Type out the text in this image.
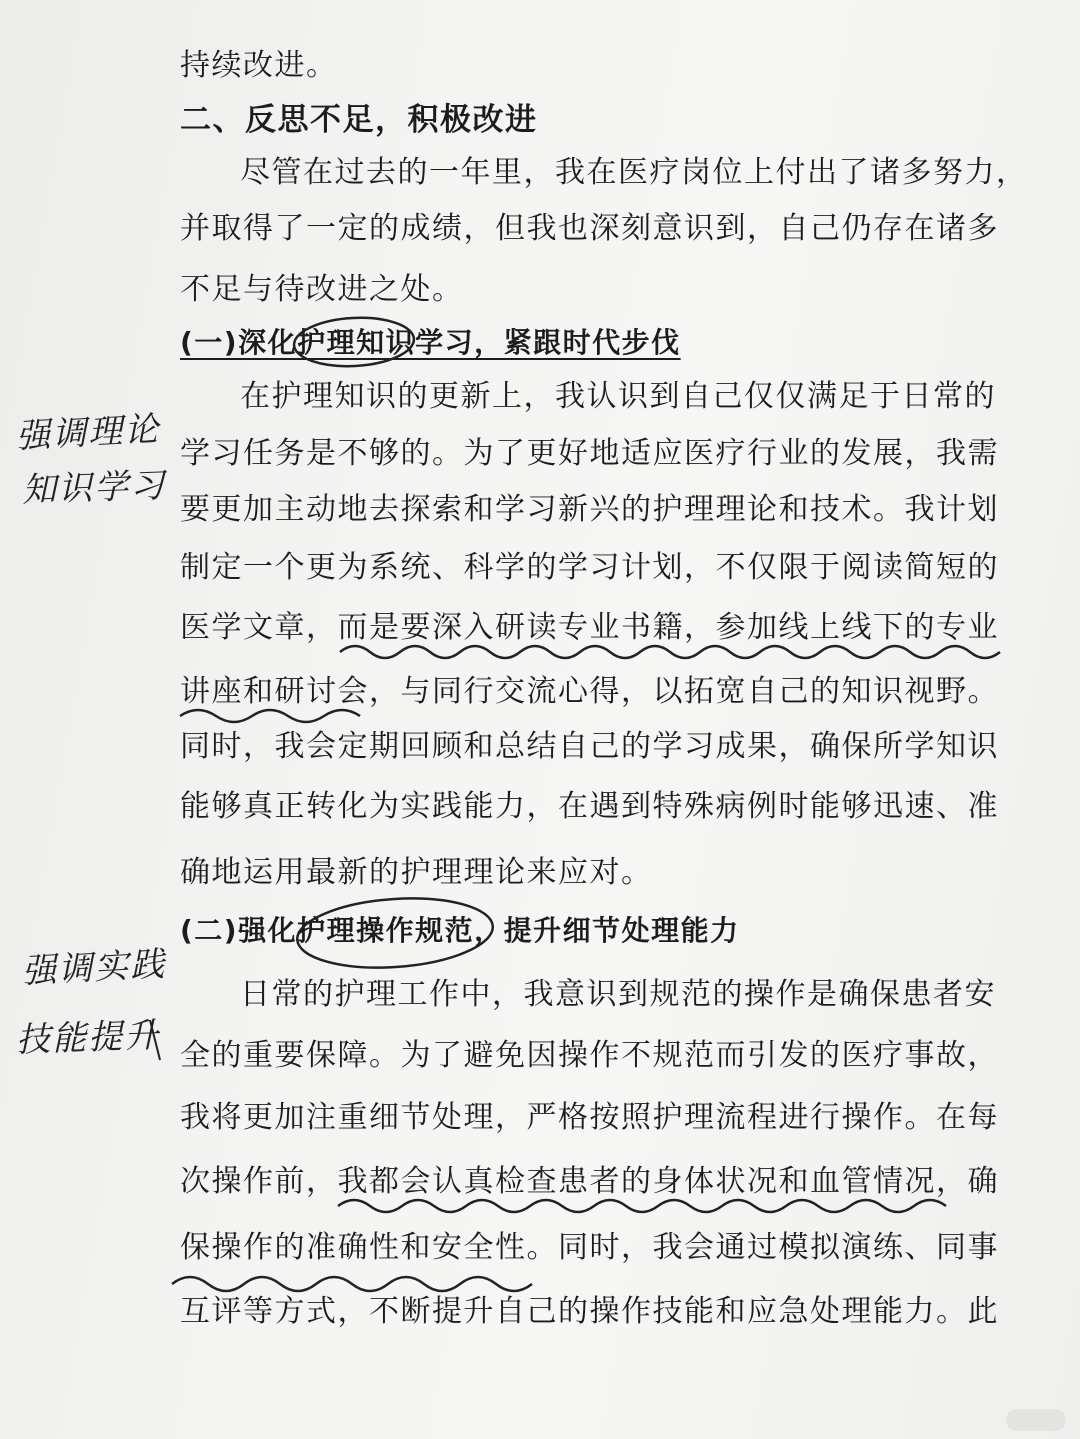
持续改进。
二、反思不足，积极改进
尽管在过去的一年里，我在医疗岗位上付出了诸多努力，
并取得了一定的成绩，但我也深刻意识到，自己仍存在诸多
不足与待改进之处。
(一)深化护理知识学习，紧跟时代步伐
在护理知识的更新上，我认识到自己仅仅满足于日常的
学习任务是不够的。为了更好地适应医疗行业的发展，我需
要更加主动地去探索和学习新兴的护理理论和技术。我计划
制定一个更为系统、科学的学习计划，不仅限于阅读简短的
医学文章，而是要深入研读专业书籍，参加线上线下的专业
讲座和研讨会，与同行交流心得，以拓宽自己的知识视野。
同时，我会定期回顾和总结自己的学习成果，确保所学知识
能够真正转化为实践能力，在遇到特殊病例时能够迅速、准
确地运用最新的护理理论来应对。
(二)强化护理操作规范，提升细节处理能力
日常的护理工作中，我意识到规范的操作是确保患者安
全的重要保障。为了避免因操作不规范而引发的医疗事故，
我将更加注重细节处理，严格按照护理流程进行操作。在每
次操作前，我都会认真检查患者的身体状况和血管情况，确
保操作的准确性和安全性。同时，我会通过模拟演练、同事
互评等方式，不断提升自己的操作技能和应急处理能力。此
强调理论
知识学习
强调实践
技能提升
